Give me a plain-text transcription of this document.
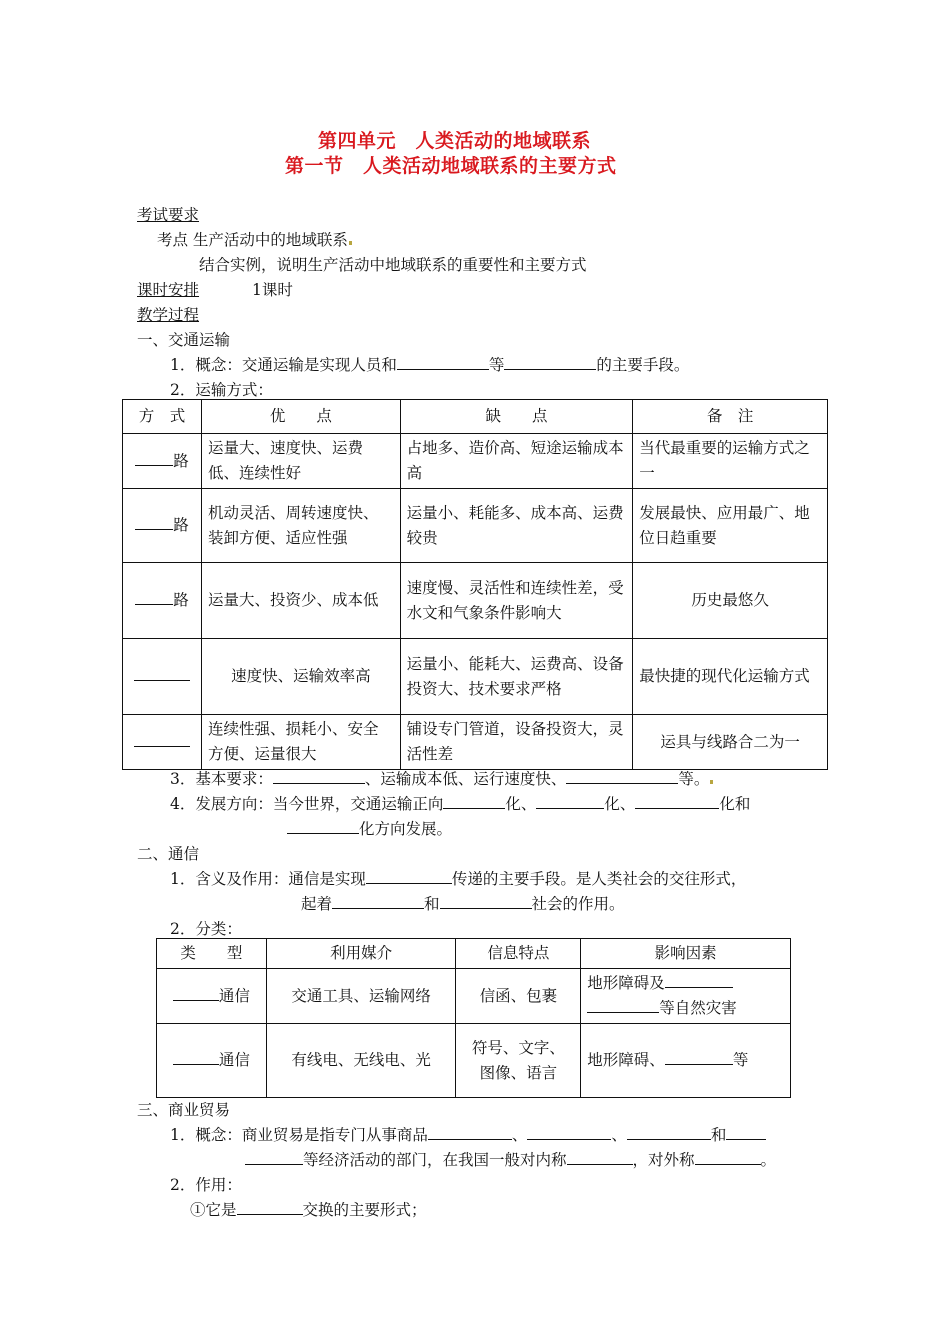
第四单元　人类活动的地域联系
第一节　人类活动地域联系的主要方式
考试要求
考点 生产活动中的地域联系
结合实例，说明生产活动中地域联系的重要性和主要方式
课时安排	1课时
教学过程
一、交通运输
1．概念：交通运输是实现人员和	等	的主要手段。
2．运输方式：
方　式	优　　点	缺　　点	备　注
路	运量大、速度快、运费低、连续性好	占地多、造价高、短途运输成本高	当代最重要的运输方式之一
路	机动灵活、周转速度快、装卸方便、适应性强	运量小、耗能多、成本高、运费较贵	发展最快、应用最广、地位日趋重要
路	运量大、投资少、成本低	速度慢、灵活性和连续性差，受水文和气象条件影响大	历史最悠久
	速度快、运输效率高	运量小、能耗大、运费高、设备投资大、技术要求严格	最快捷的现代化运输方式
	连续性强、损耗小、安全方便、运量很大	铺设专门管道，设备投资大，灵活性差	运具与线路合二为一
3．基本要求：	、运输成本低、运行速度快、	等。
4．发展方向：当今世界，交通运输正向	化、	化、	化和
化方向发展。
二、通信
1．含义及作用：通信是实现	传递的主要手段。是人类社会的交往形式，
起着	和	社会的作用。
2．分类：
类　　型	利用媒介	信息特点	影响因素
通信	交通工具、运输网络	信函、包裹	地形障碍及
等自然灾害
通信	有线电、无线电、光	符号、文字、图像、语言	地形障碍、 等
三、商业贸易
1．概念：商业贸易是指专门从事商品	、	、	和
等经济活动的部门，在我国一般对内称	，对外称	。
2．作用：
①它是	交换的主要形式；
